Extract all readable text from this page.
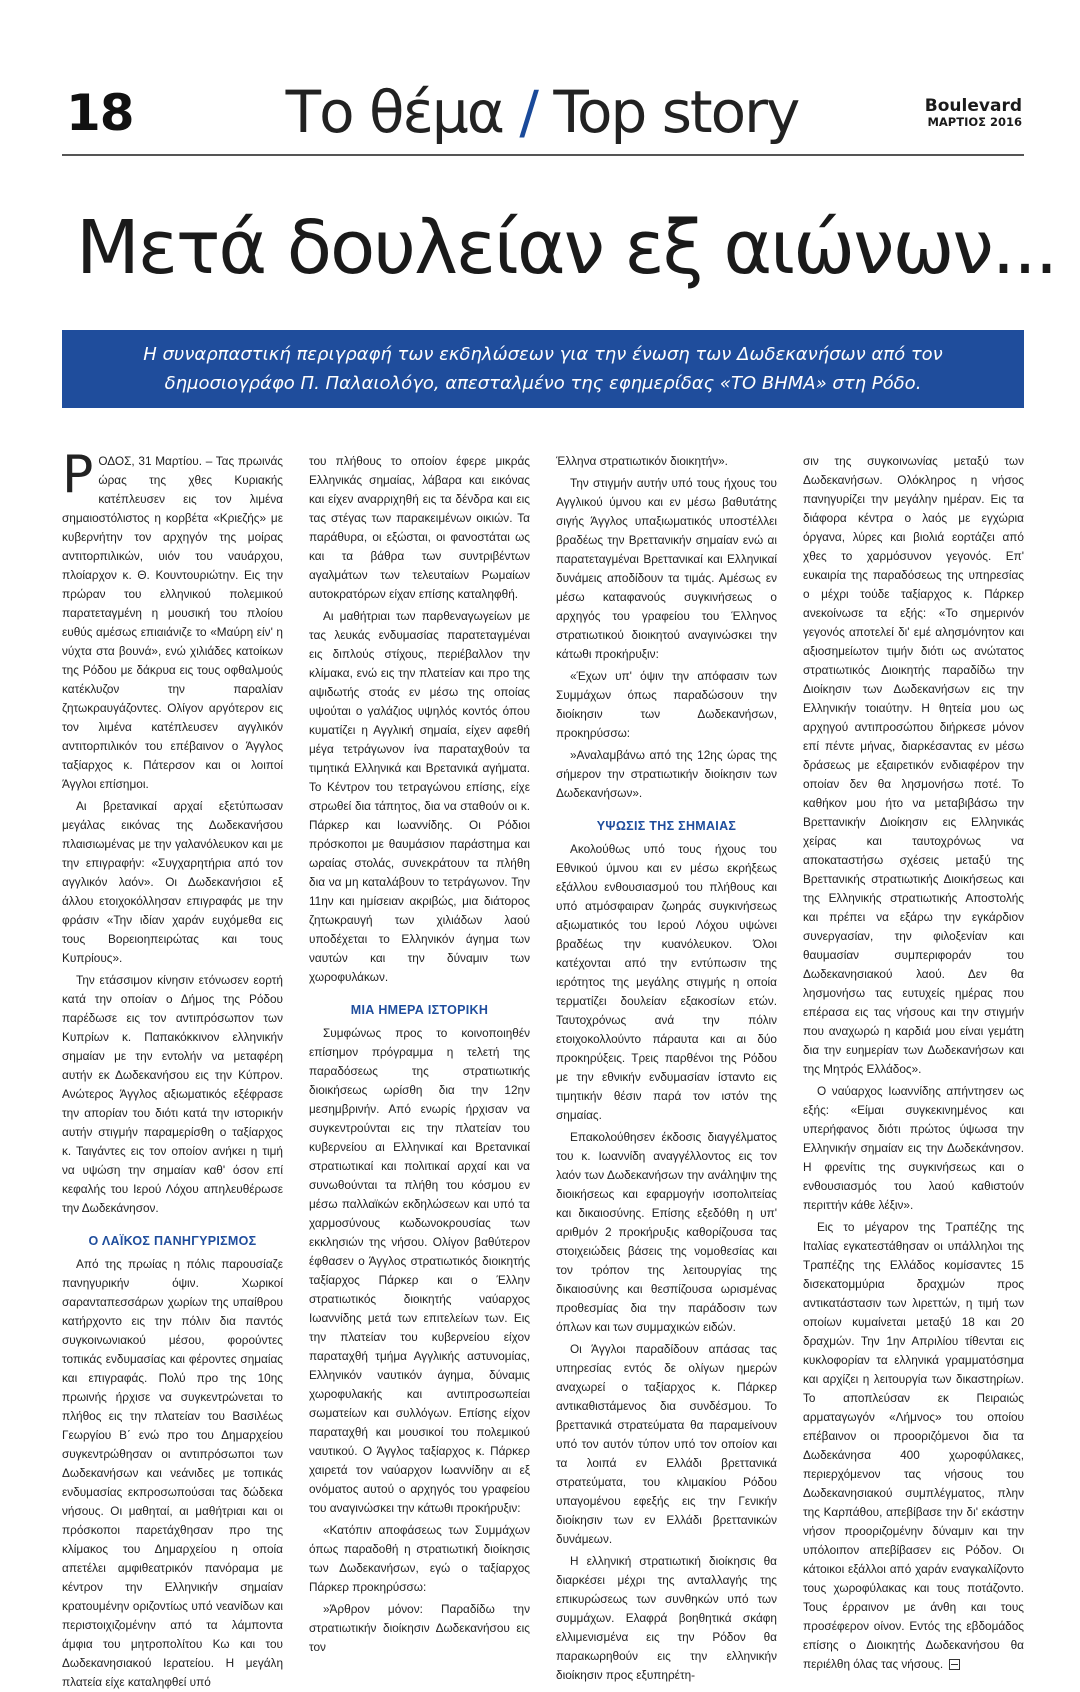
18	Το θέμα / Top story	Boulevard
ΜΑΡΤΙΟΣ 2016
Μετά δουλείαν εξ αιώνων...
Η συναρπαστική περιγραφή των εκδηλώσεων για την ένωση των Δωδεκανήσων από τον δημοσιογράφο Π. Παλαιολόγο, απεσταλμένο της εφημερίδας «ΤΟ ΒΗΜΑ» στη Ρόδο.

ΡΟΔΟΣ, 31 Μαρτίου. – Τας πρωινάς ώρας της χθες Κυριακής κατέπλευσεν εις τον λιμένα σημαιοστόλιστος η κορβέτα «Κριεζής» με κυβερνήτην τον αρχηγόν της μοίρας αντιτορπιλικών, υιόν του ναυάρχου, πλοίαρχον κ. Θ. Κουντουριώτην. Εις την πρώραν του ελληνικού πολεμικού παρατεταγμένη η μουσική του πλοίου ευθύς αμέσως επιαιάνιζε το «Μαύρη είν' η νύχτα στα βουνά», ενώ χιλιάδες κατοίκων της Ρόδου με δάκρυα εις τους οφθαλμούς κατέκλυζον την παραλίαν ζητωκραυγάζοντες. Ολίγον αργότερον εις τον λιμένα κατέπλευσεν αγγλικόν αντιτορπιλικόν του επέβαινον ο Άγγλος ταξίαρχος κ. Πάτερσον και οι λοιποί Άγγλοι επίσημοι.

Αι βρετανικαί αρχαί εξετύπωσαν μεγάλας εικόνας της Δωδεκανήσου πλαισιωμένας με την γαλανόλευκον και με την επιγραφήν: «Συγχαρητήρια από τον αγγλικόν λαόν». Οι Δωδεκανήσιοι εξ άλλου ετοιχοκόλλησαν επιγραφάς με την φράσιν «Την ιδίαν χαράν ευχόμεθα εις τους Βορειοηπειρώτας και τους Κυπρίους».

Την ετάσσιμον κίνησιν ετόνωσεν εορτή κατά την οποίαν ο Δήμος της Ρόδου παρέδωσε εις τον αντιπρόσωπον των Κυπρίων κ. Παπακόκκινον ελληνικήν σημαίαν με την εντολήν να μεταφέρη αυτήν εκ Δωδεκανήσου εις την Κύπρον. Ανώτερος Άγγλος αξιωματικός εξέφρασε την απορίαν του διότι κατά την ιστορικήν αυτήν στιγμήν παραμερίσθη ο ταξίαρχος κ. Ταιγάντες εις τον οποίον ανήκει η τιμή να υψώση την σημαίαν καθ' όσον επί κεφαλής του Ιερού Λόχου απηλευθέρωσε την Δωδεκάνησον.

Ο ΛΑΪΚΟΣ ΠΑΝΗΓΥΡΙΣΜΟΣ

Από της πρωίας η πόλις παρουσίαζε πανηγυρικήν όψιν. Χωρικοί σαρανταπεσσάρων χωρίων της υπαίθρου κατήρχοντο εις την πόλιν δια παντός συγκοινωνιακού μέσου, φορούντες τοπικάς ενδυμασίας και φέροντες σημαίας και επιγραφάς. Πολύ προ της 10ης πρωινής ήρχισε να συγκεντρώνεται το πλήθος εις την πλατείαν του Βασιλέως Γεωργίου Β΄ ενώ προ του Δημαρχείου συγκεντρώθησαν οι αντιπρόσωποι των Δωδεκανήσων και νεάνιδες με τοπικάς ενδυμασίας εκπροσωπούσαι τας δώδεκα νήσους. Οι μαθηταί, αι μαθήτριαι και οι πρόσκοποι παρετάχθησαν προ της κλίμακος του Δημαρχείου η οποία απετέλει αμφιθεατρικόν πανόραμα με κέντρον την Ελληνικήν σημαίαν κρατουμένην οριζοντίως υπό νεανίδων και περιστοιχιζομένην από τα λάμποντα άμφια του μητροπολίτου Κω και του Δωδεκανησιακού Ιερατείου. Η μεγάλη πλατεία είχε καταληφθεί υπό

του πλήθους το οποίον έφερε μικράς Ελληνικάς σημαίας, λάβαρα και εικόνας και είχεν αναρριχηθή εις τα δένδρα και εις τας στέγας των παρακειμένων οικιών. Τα παράθυρα, οι εξώσται, οι φανοστάται ως και τα βάθρα των συντριβέντων αγαλμάτων των τελευταίων Ρωμαίων αυτοκρατόρων είχαν επίσης καταληφθή.

Αι μαθήτριαι των παρθεναγωγείων με τας λευκάς ενδυμασίας παρατεταγμέναι εις διπλούς στίχους, περιέβαλλον την κλίμακα, ενώ εις την πλατείαν και προ της αψιδωτής στοάς εν μέσω της οποίας υψούται ο γαλάζιος υψηλός κοντός όπου κυματίζει η Αγγλική σημαία, είχεν αφεθή μέγα τετράγωνον ίνα παραταχθούν τα τιμητικά Ελληνικά και Βρετανικά αγήματα. Το Κέντρον του τετραγώνου επίσης, είχε στρωθεί δια τάπητος, δια να σταθούν οι κ. Πάρκερ και Ιωαννίδης. Οι Ρόδιοι πρόσκοποι με θαυμάσιον παράστημα και ωραίας στολάς, συνεκράτουν τα πλήθη δια να μη καταλάβουν το τετράγωνον. Την 11ην και ημίσειαν ακριβώς, μια διάτορος ζητωκραυγή των χιλιάδων λαού υποδέχεται το Ελληνικόν άγημα των ναυτών και την δύναμιν των χωροφυλάκων.

ΜΙΑ ΗΜΕΡΑ ΙΣΤΟΡΙΚΗ

Συμφώνως προς το κοινοποιηθέν επίσημον πρόγραμμα η τελετή της παραδόσεως της στρατιωτικής διοικήσεως ωρίσθη δια την 12ην μεσημβρινήν. Από ενωρίς ήρχισαν να συγκεντρούνται εις την πλατείαν του κυβερνείου αι Ελληνικαί και Βρετανικαί στρατιωτικαί και πολιτικαί αρχαί και να συνωθούνται τα πλήθη του κόσμου εν μέσω παλλαϊκών εκδηλώσεων και υπό τα χαρμοσύνους κωδωνοκρουσίας των εκκλησιών της νήσου. Ολίγον βαθύτερον έφθασεν ο Άγγλος στρατιωτικός διοικητής ταξίαρχος Πάρκερ και ο Έλλην στρατιωτικός διοικητής ναύαρχος Ιωαννίδης μετά των επιτελείων των. Εις την πλατείαν του κυβερνείου είχον παραταχθή τμήμα Αγγλικής αστυνομίας, Ελληνικόν ναυτικόν άγημα, δύναμις χωροφυλακής και αντιπροσωπείαι σωματείων και συλλόγων. Επίσης είχον παραταχθή και μουσικοί του πολεμικού ναυτικού. Ο Άγγλος ταξίαρχος κ. Πάρκερ χαιρετά τον ναύαρχον Ιωαννίδην αι εξ ονόματος αυτού ο αρχηγός του γραφείου του αναγινώσκει την κάτωθι προκήρυξιν:

«Κατόπιν αποφάσεως των Συμμάχων όπως παραδοθή η στρατιωτική διοίκησις των Δωδεκανήσων, εγώ ο ταξίαρχος Πάρκερ προκηρύσσω:

»Άρθρον μόνον: Παραδίδω την στρατιωτικήν διοίκησιν Δωδεκανήσου εις τον

Έλληνα στρατιωτικόν διοικητήν».

Την στιγμήν αυτήν υπό τους ήχους του Αγγλικού ύμνου και εν μέσω βαθυτάτης σιγής Άγγλος υπαξιωματικός υποστέλλει βραδέως την Βρεττανικήν σημαίαν ενώ αι παρατεταγμέναι Βρεττανικαί και Ελληνικαί δυνάμεις αποδίδουν τα τιμάς. Αμέσως εν μέσω καταφανούς συγκινήσεως ο αρχηγός του γραφείου του Έλληνος στρατιωτικού διοικητού αναγινώσκει την κάτωθι προκήρυξιν:

«Έχων υπ' όψιν την απόφασιν των Συμμάχων όπως παραδώσουν την διοίκησιν των Δωδεκανήσων, προκηρύσσω:

»Αναλαμβάνω από της 12ης ώρας της σήμερον την στρατιωτικήν διοίκησιν των Δωδεκανήσων».

ΥΨΩΣΙΣ ΤΗΣ ΣΗΜΑΙΑΣ

Ακολούθως υπό τους ήχους του Εθνικού ύμνου και εν μέσω εκρήξεως εξάλλου ενθουσιασμού του πλήθους και υπό ατμόσφαιραν ζωηράς συγκινήσεως αξιωματικός του Ιερού Λόχου υψώνει βραδέως την κυανόλευκον. Όλοι κατέχονται από την εντύπωσιν της ιερότητος της μεγάλης στιγμής η οποία τερματίζει δουλείαν εξακοσίων ετών. Ταυτοχρόνως ανά την πόλιν ετοιχοκολλούντο πάραυτα και αι δύο προκηρύξεις. Τρεις παρθένοι της Ρόδου με την εθνικήν ενδυμασίαν ίστανto εις τιμητικήν θέσιν παρά τον ιστόν της σημαίας.

Επακολούθησεν έκδοσις διαγγέλματος του κ. Ιωαννίδη αναγγέλλοντος εις τον λαόν των Δωδεκανήσων την ανάληψιν της διοικήσεως και εφαρμογήν ισοπολιτείας και δικαιοσύνης. Επίσης εξεδόθη η υπ' αριθμόν 2 προκήρυξις καθορίζουσα τας στοιχειώδεις βάσεις της νομοθεσίας και τον τρόπον της λειτουργίας της δικαιοσύνης και θεσπίζουσα ωρισμένας προθεσμίας δια την παράδοσιν των όπλων και των συμμαχικών ειδών.

Οι Άγγλοι παραδίδουν απάσας τας υπηρεσίας εντός δε ολίγων ημερών αναχωρεί ο ταξίαρχος κ. Πάρκερ αντικαθιστάμενος δια συνδέσμου. Το βρεττανικά στρατεύματα θα παραμείνουν υπό τον αυτόν τύπον υπό τον οποίον και τα λοιπά εν Ελλάδι βρεττανικά στρατεύματα, του κλιμακίου Ρόδου υπαγομένου εφεξής εις την Γενικήν διοίκησιν των εν Ελλάδι βρεττανικών δυνάμεων.

Η ελληνική στρατιωτική διοίκησις θα διαρκέσει μέχρι της ανταλλαγής της επικυρώσεως των συνθηκών υπό των συμμάχων. Ελαφρά βοηθητικά σκάφη ελλιμενισμένα εις την Ρόδον θα παρακωρηθούν εις την ελληνικήν διοίκησιν προς εξυπηρέτη-

σιν της συγκοινωνίας μεταξύ των Δωδεκανήσων. Ολόκληρος η νήσος πανηγυρίζει την μεγάλην ημέραν. Εις τα διάφορα κέντρα ο λαός με εγχώρια όργανα, λύρες και βιολιά εορτάζει από χθες το χαρμόσυνον γεγονός. Επ' ευκαιρία της παραδόσεως της υπηρεσίας ο μέχρι τούδε ταξίαρχος κ. Πάρκερ ανεκοίνωσε τα εξής: «Το σημερινόν γεγονός αποτελεί δι' εμέ αλησμόνητον και αξιοσημείωτον τιμήν διότι ως ανώτατος στρατιωτικός Διοικητής παραδίδω την Διοίκησιν των Δωδεκανήσων εις την Ελληνικήν τοιαύτην. Η θητεία μου ως αρχηγού αντιπροσώπου διήρκεσε μόνον επί πέντε μήνας, διαρκέσαντας εν μέσω δράσεως με εξαιρετικόν ενδιαφέρον την οποίαν δεν θα λησμονήσω ποτέ. Το καθήκον μου ήτο να μεταβιβάσω την Βρεττανικήν Διοίκησιν εις Ελληνικάς χείρας και ταυτοχρόνως να αποκαταστήσω σχέσεις μεταξύ της Βρεττανικής στρατιωτικής Διοικήσεως και της Ελληνικής στρατιωτικής Αποστολής και πρέπει να εξάρω την εγκάρδιον συνεργασίαν, την φιλοξενίαν και θαυμασίαν συμπεριφοράν του Δωδεκανησιακού λαού. Δεν θα λησμονήσω τας ευτυχείς ημέρας που επέρασα εις τας νήσους και την στιγμήν που αναχωρώ η καρδιά μου είναι γεμάτη δια την ευημερίαν των Δωδεκανήσων και της Μητρός Ελλάδος».

Ο ναύαρχος Ιωαννίδης απήντησεν ως εξής: «Είμαι συγκεκινημένος και υπερήφανος διότι πρώτος ύψωσα την Ελληνικήν σημαίαν εις την Δωδεκάνησον. Η φρενίτις της συγκινήσεως και ο ενθουσιασμός του λαού καθιστούν περιττήν κάθε λέξιν».

Εις το μέγαρον της Τραπέζης της Ιταλίας εγκατεστάθησαν οι υπάλληλοι της Τραπέζης της Ελλάδος κομίσαντες 15 δισεκατομμύρια δραχμών προς αντικατάστασιν των λιρεττών, η τιμή των οποίων κυμαίνεται μεταξύ 18 και 20 δραχμών. Την 1ην Απριλίου τίθενται εις κυκλοφορίαν τα ελληνικά γραμματόσημα και αρχίζει η λειτουργία των δικαστηρίων. Το αποπλεύσαν εκ Πειραιώς αρματαγωγόν «Λήμνος» του οποίου επέβαινον οι προοριζόμενοι δια τα Δωδεκάνησα 400 χωροφύλακες, περιερχόμενον τας νήσους του Δωδεκανησιακού συμπλέγματος, πλην της Καρπάθου, απεβίβασε την δι' εκάστην νήσον προοριζομένην δύναμιν και την υπόλοιπον απεβίβασεν εις Ρόδον. Οι κάτοικοι εξάλλοι από χαράν εναγκαλίζοντο τους χωροφύλακας και τους ποτάζοντο. Τους έρραινον με άνθη και τους προσέφερον οίνον. Εντός της εβδομάδος επίσης ο Διοικητής Δωδεκανήσου θα περιέλθη όλας τας νήσους.
